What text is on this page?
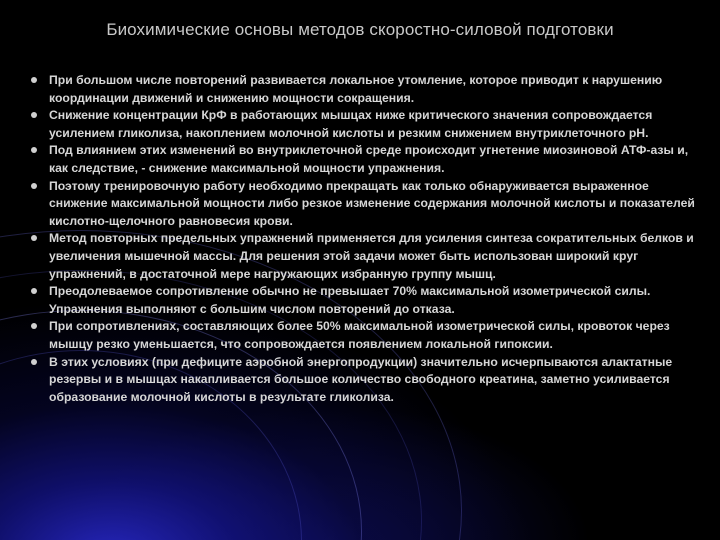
Биохимические основы методов скоростно-силовой подготовки
При большом числе повторений развивается локальное утомление, которое приводит к нарушению координации движений и снижению мощности сокращения.
Снижение концентрации КрФ в работающих мышцах ниже критического значения сопровождается усилением гликолиза, накоплением молочной кислоты и резким снижением внутриклеточного рН.
Под влиянием этих изменений во внутриклеточной среде происходит угнетение миозиновой АТФ-азы и, как следствие, - снижение максимальной мощности упражнения.
Поэтому тренировочную работу необходимо прекращать как только обнаруживается выраженное снижение максимальной мощности либо резкое изменение содержания молочной кислоты и показателей кислотно-щелочного равновесия крови.
Метод повторных предельных упражнений применяется для усиления синтеза сократительных белков и увеличения мышечной массы. Для решения этой задачи может быть использован широкий круг упражнений, в достаточной мере нагружающих избранную группу мышц.
Преодолеваемое сопротивление обычно не превышает 70% максимальной изометрической силы. Упражнения выполняют с большим числом повторений до отказа.
При сопротивлениях, составляющих более 50% максимальной изометрической силы, кровоток через мышцу резко уменьшается, что сопровождается появлением локальной гипоксии.
В этих условиях (при дефиците аэробной энергопродукции) значительно исчерпываются алактатные резервы и в мышцах накапливается большое количество свободного креатина, заметно усиливается образование молочной кислоты в результате гликолиза.
